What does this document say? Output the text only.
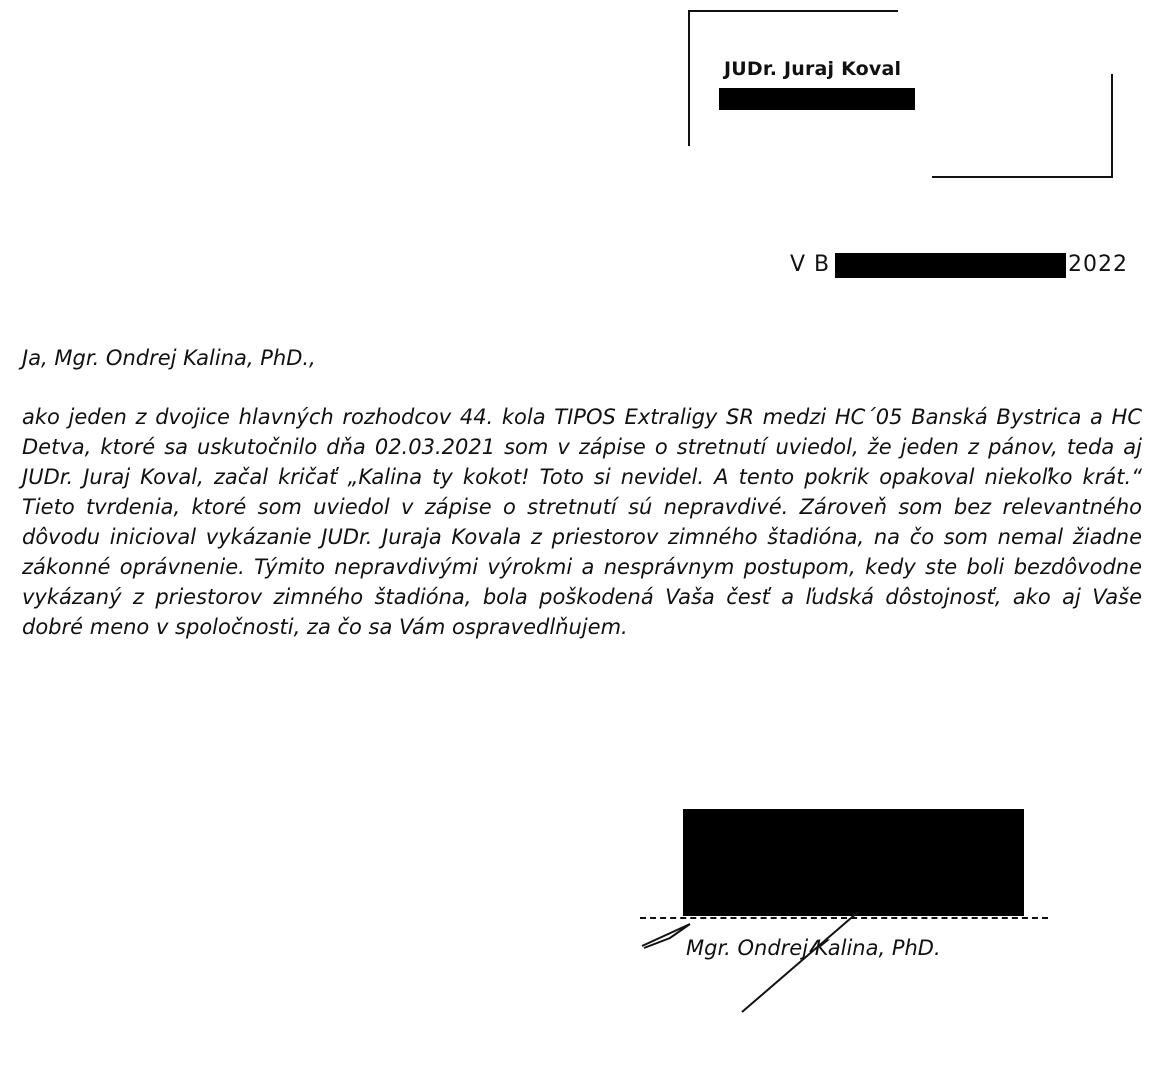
JUDr. Juraj Koval
V B	2022
Ja, Mgr. Ondrej Kalina, PhD.,

ako jeden z dvojice hlavných rozhodcov 44. kola TIPOS Extraligy SR medzi HC´05 Banská Bystrica a HC Detva, ktoré sa uskutočnilo dňa 02.03.2021 som v zápise o stretnutí uviedol, že jeden z pánov, teda aj JUDr. Juraj Koval, začal kričať „Kalina ty kokot! Toto si nevidel. A tento pokrik opakoval niekoľko krát.“ Tieto tvrdenia, ktoré som uviedol v zápise o stretnutí sú nepravdivé. Zároveň som bez relevantného dôvodu inicioval vykázanie JUDr. Juraja Kovala z priestorov zimného štadióna, na čo som nemal žiadne zákonné oprávnenie. Týmito nepravdivými výrokmi a nesprávnym postupom, kedy ste boli bezdôvodne vykázaný z priestorov zimného štadióna, bola poškodená Vaša česť a ľudská dôstojnosť, ako aj Vaše dobré meno v spoločnosti, za čo sa Vám ospravedlňujem.

Mgr. Ondrej Kalina, PhD.
